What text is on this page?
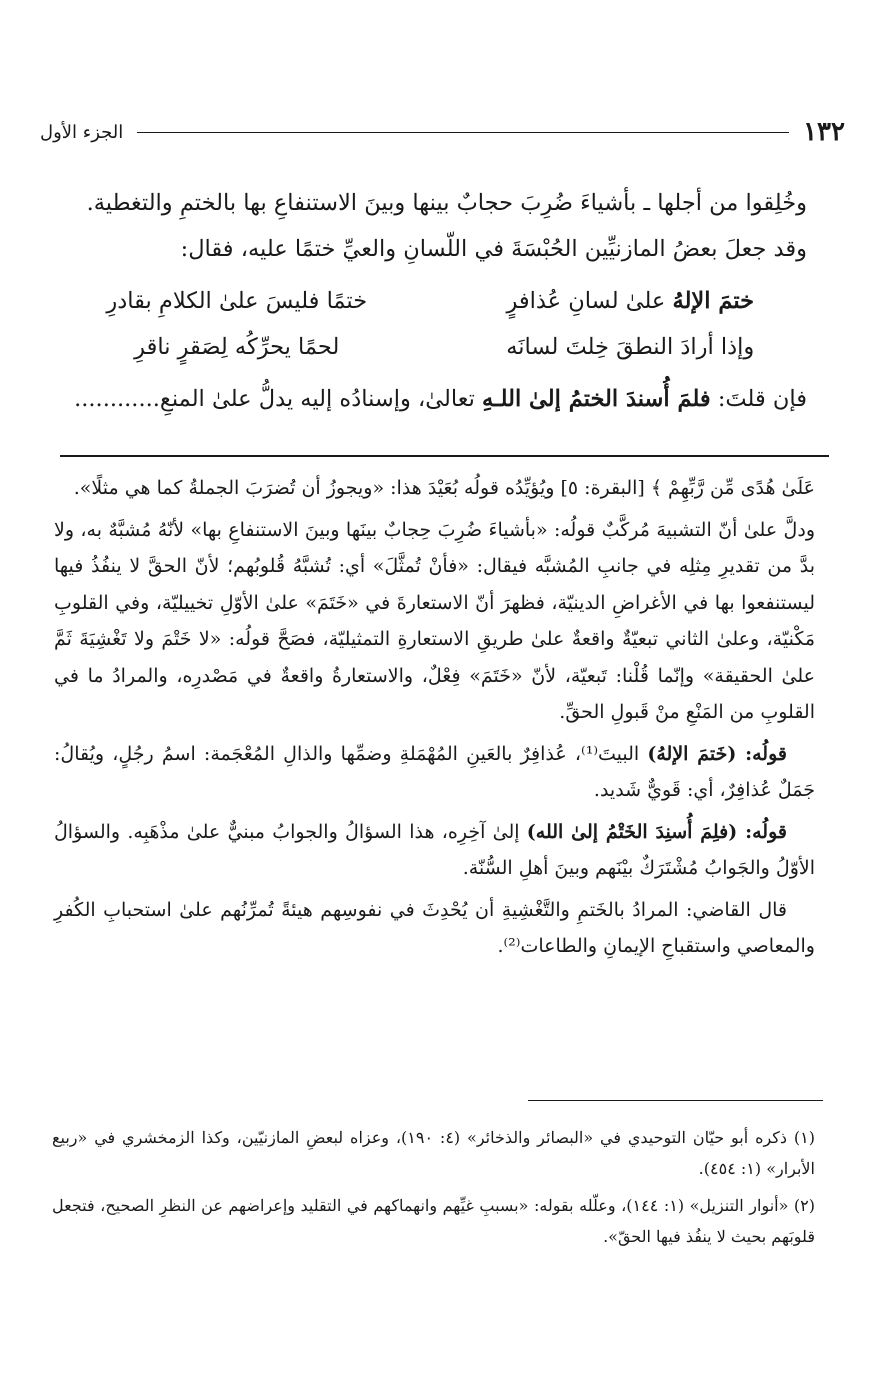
١٣٢
الجزء الأول

وخُلِقوا من أجلها ـ بأشياءَ ضُرِبَ حجابٌ بينها وبينَ الاستنفاعِ بها بالختمِ والتغطية.

وقد جعلَ بعضُ المازنيِّين الحُبْسَةَ في اللّسانِ والعيِّ ختمًا عليه، فقال:

ختمَ الإلهُ علىٰ لسانِ عُذافرٍ
ختمًا فليسَ علىٰ الكلامِ بقادرِ
وإذا أرادَ النطقَ خِلتَ لسانَه
لحمًا يحرِّكُه لِصَقرٍ ناقرِ

فإن قلتَ: فلمَ أُسندَ الختمُ إلىٰ اللـهِ تعالىٰ، وإسنادُه إليه يدلُّ علىٰ المنعِ............

عَلَىٰ هُدًى مِّن رَّبِّهِمْ ﴾ [البقرة: ٥] ويُؤيِّدُه قولُه بُعَيْدَ هذا: «ويجوزُ أن تُضرَبَ الجملةُ كما هي مثلًا».

ودلَّ علىٰ أنّ التشبيهَ مُركَّبٌ قولُه: «بأشياءَ ضُرِبَ حِجابٌ بينَها وبينَ الاستنفاعِ بها» لأنّهُ مُشبَّهٌ به، ولا بدَّ من تقديرِ مِثلِه في جانبِ المُشبَّه فيقال: «فأنْ تُمثَّلَ» أي: تُشبَّهُ قُلوبُهم؛ لأنّ الحقَّ لا ينفُذُ فيها ليستنفعوا بها في الأغراضِ الدينيّة، فظهرَ أنّ الاستعارةَ في «خَتَمَ» علىٰ الأوّلِ تخييليّة، وفي القلوبِ مَكْنيّة، وعلىٰ الثاني تبعيّةٌ واقعةٌ علىٰ طريقِ الاستعارةِ التمثيليّة، فصَحَّ قولُه: «لا خَتْمَ ولا تَغْشِيَةَ ثَمَّ علىٰ الحقيقة» وإنّما قُلْنا: تَبعيّة، لأنّ «خَتَمَ» فِعْلٌ، والاستعارةُ واقعةٌ في مَصْدرِه، والمرادُ ما في القلوبِ من المَنْعِ منْ قَبولِ الحقِّ.

قولُه: (خَتمَ الإلهُ) البيتَ⁽¹⁾، عُذافِرٌ بالعَينِ المُهْمَلةِ وضمِّها والذالِ المُعْجَمة: اسمُ رجُلٍ، ويُقالُ: جَمَلٌ عُذافِرٌ، أي: قَويٌّ شَديد.

قولُه: (فلِمَ أُسنِدَ الخَتْمُ إلىٰ الله) إلىٰ آخِرِه، هذا السؤالُ والجوابُ مبنيٌّ علىٰ مذْهَبِه. والسؤالُ الأوّلُ والجَوابُ مُشْتَرَكٌ بيْنَهم وبينَ أهلِ السُّنّة.

قال القاضي: المرادُ بالخَتمِ والتَّغْشِيةِ أن يُحْدِثَ في نفوسِهم هيئةً تُمرِّنُهم علىٰ استحبابِ الكُفرِ والمعاصي واستقباحِ الإيمانِ والطاعات⁽²⁾.

(١) ذكره أبو حيّان التوحيدي في «البصائر والذخائر» (٤: ١٩٠)، وعزاه لبعضِ المازنيّين، وكذا الزمخشري في «ربيع الأبرار» (١: ٤٥٤).

(٢) «أنوار التنزيل» (١: ١٤٤)، وعلّله بقوله: «بسببِ غيِّهم وانهماكهم في التقليد وإعراضهم عن النظرِ الصحيح، فتجعل قلوبَهم بحيث لا ينفُذ فيها الحقّ».
